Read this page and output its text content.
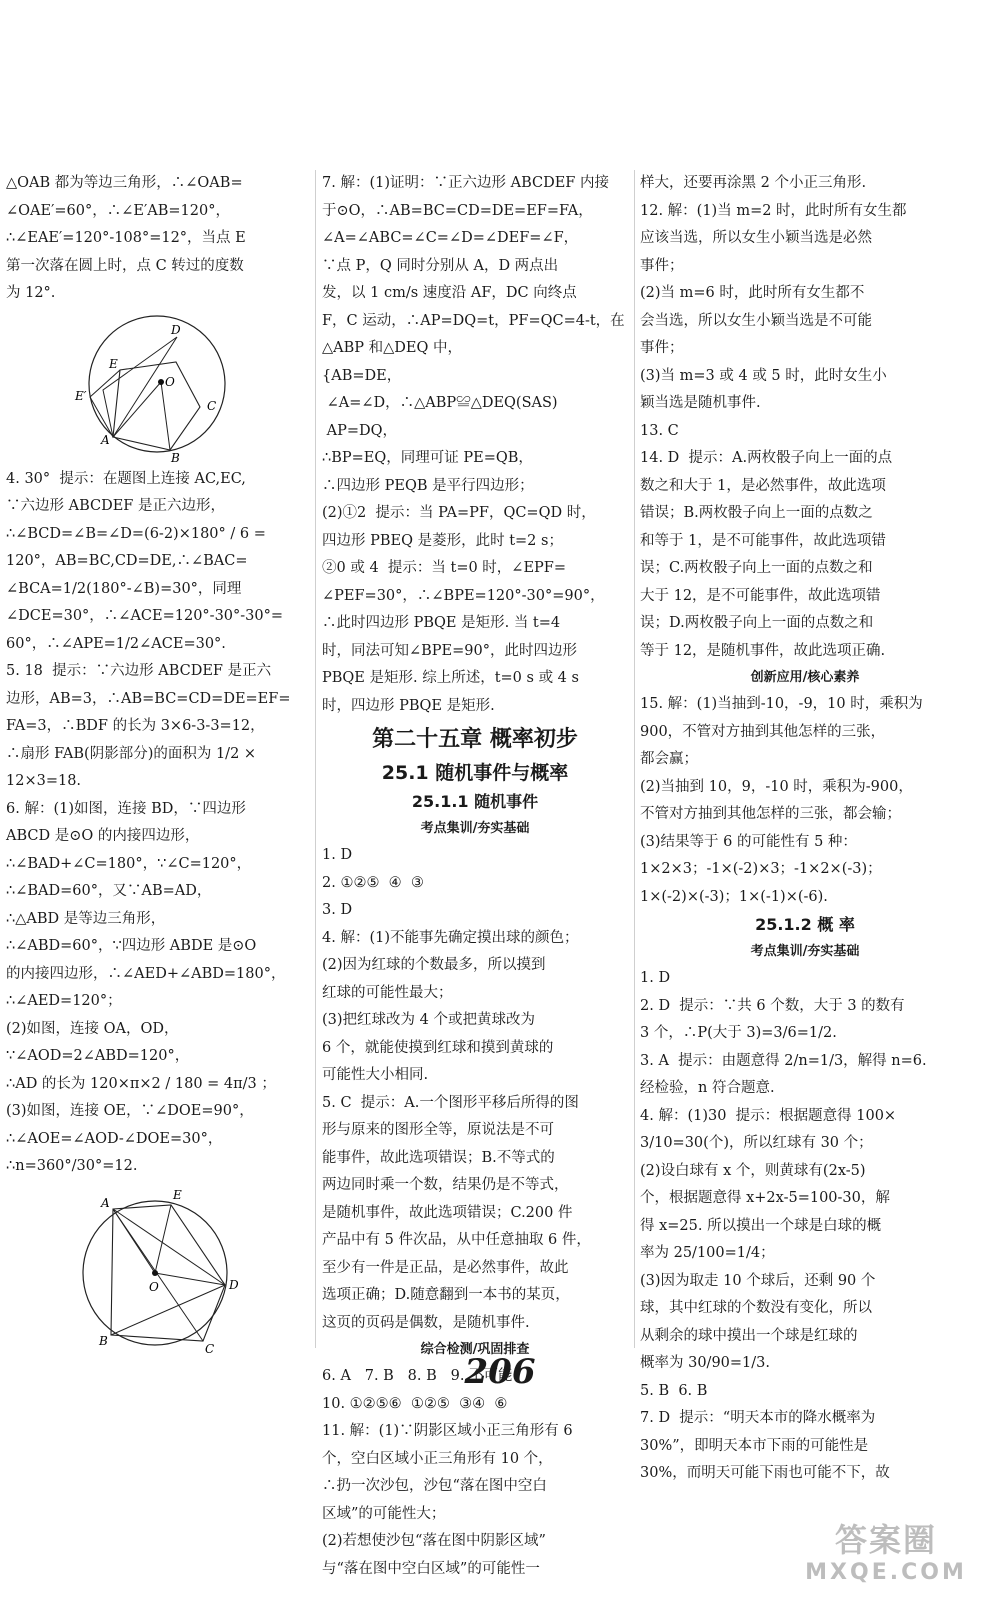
△OAB 都为等边三角形，∴∠OAB=
∠OAE′=60°，∴∠E′AB=120°，
∴∠EAE′=120°-108°=12°，当点 E
第一次落在圆上时，点 C 转过的度数
为 12°.
D
E
E′
O
C
A
B
4. 30°  提示：在题图上连接 AC,EC,
∵六边形 ABCDEF 是正六边形，
∴∠BCD=∠B=∠D=(6-2)×180° / 6 =
120°，AB=BC,CD=DE,∴∠BAC=
∠BCA=1/2(180°-∠B)=30°，同理
∠DCE=30°，∴∠ACE=120°-30°-30°=
60°，∴∠APE=1/2∠ACE=30°.
5. 18  提示：∵六边形 ABCDEF 是正六
边形，AB=3，∴AB=BC=CD=DE=EF=
FA=3，∴BDF 的长为 3×6-3-3=12，
∴扇形 FAB(阴影部分)的面积为 1/2 ×
12×3=18.
6. 解：(1)如图，连接 BD，∵四边形
ABCD 是⊙O 的内接四边形，
∴∠BAD+∠C=180°，∵∠C=120°，
∴∠BAD=60°，又∵AB=AD，
∴△ABD 是等边三角形，
∴∠ABD=60°，∵四边形 ABDE 是⊙O
的内接四边形，∴∠AED+∠ABD=180°，
∴∠AED=120°；
(2)如图，连接 OA，OD，
∵∠AOD=2∠ABD=120°，
∴AD 的长为 120×π×2 / 180 = 4π/3 ；
(3)如图，连接 OE，∵∠DOE=90°，
∴∠AOE=∠AOD-∠DOE=30°，
∴n=360°/30°=12.
A
E
D
O
B
C
7. 解：(1)证明：∵正六边形 ABCDEF 内接
于⊙O，∴AB=BC=CD=DE=EF=FA，
∠A=∠ABC=∠C=∠D=∠DEF=∠F，
∵点 P，Q 同时分别从 A，D 两点出
发，以 1 cm/s 速度沿 AF，DC 向终点
F，C 运动，∴AP=DQ=t，PF=QC=4-t，在
△ABP 和△DEQ 中，
{AB=DE，
∠A=∠D，∴△ABP≌△DEQ(SAS)
AP=DQ，
∴BP=EQ，同理可证 PE=QB，
∴四边形 PEQB 是平行四边形；
(2)①2  提示：当 PA=PF，QC=QD 时，
四边形 PBEQ 是菱形，此时 t=2 s；
②0 或 4  提示：当 t=0 时，∠EPF=
∠PEF=30°，∴∠BPE=120°-30°=90°，
∴此时四边形 PBQE 是矩形. 当 t=4
时，同法可知∠BPE=90°，此时四边形
PBQE 是矩形. 综上所述，t=0 s 或 4 s
时，四边形 PBQE 是矩形.
第二十五章 概率初步
25.1 随机事件与概率
25.1.1 随机事件
考点集训/夯实基础
1. D
2. ①②⑤  ④  ③
3. D
4. 解：(1)不能事先确定摸出球的颜色；
(2)因为红球的个数最多，所以摸到
红球的可能性最大；
(3)把红球改为 4 个或把黄球改为
6 个，就能使摸到红球和摸到黄球的
可能性大小相同.
5. C  提示：A.一个图形平移后所得的图
形与原来的图形全等，原说法是不可
能事件，故此选项错误；B.不等式的
两边同时乘一个数，结果仍是不等式，
是随机事件，故此选项错误；C.200 件
产品中有 5 件次品，从中任意抽取 6 件，
至少有一件是正品，是必然事件，故此
选项正确；D.随意翻到一本书的某页，
这页的页码是偶数，是随机事件.
综合检测/巩固排查
6. A   7. B   8. B   9. 不可能
10. ①②⑤⑥  ①②⑤  ③④  ⑥
11. 解：(1)∵阴影区域小正三角形有 6
个，空白区域小正三角形有 10 个，
∴扔一次沙包，沙包“落在图中空白
区域”的可能性大；
(2)若想使沙包“落在图中阴影区域”
与“落在图中空白区域”的可能性一
样大，还要再涂黑 2 个小正三角形.
12. 解：(1)当 m=2 时，此时所有女生都
应该当选，所以女生小颖当选是必然
事件；
(2)当 m=6 时，此时所有女生都不
会当选，所以女生小颖当选是不可能
事件；
(3)当 m=3 或 4 或 5 时，此时女生小
颖当选是随机事件.
13. C
14. D  提示：A.两枚骰子向上一面的点
数之和大于 1，是必然事件，故此选项
错误；B.两枚骰子向上一面的点数之
和等于 1，是不可能事件，故此选项错
误；C.两枚骰子向上一面的点数之和
大于 12，是不可能事件，故此选项错
误；D.两枚骰子向上一面的点数之和
等于 12，是随机事件，故此选项正确.
创新应用/核心素养
15. 解：(1)当抽到-10，-9，10 时，乘积为
900，不管对方抽到其他怎样的三张，
都会赢；
(2)当抽到 10，9，-10 时，乘积为-900，
不管对方抽到其他怎样的三张，都会输；
(3)结果等于 6 的可能性有 5 种：
1×2×3；-1×(-2)×3；-1×2×(-3)；
1×(-2)×(-3)；1×(-1)×(-6).
25.1.2 概 率
考点集训/夯实基础
1. D
2. D  提示：∵共 6 个数，大于 3 的数有
3 个，∴P(大于 3)=3/6=1/2.
3. A  提示：由题意得 2/n=1/3，解得 n=6.
经检验，n 符合题意.
4. 解：(1)30  提示：根据题意得 100×
3/10=30(个)，所以红球有 30 个；
(2)设白球有 x 个，则黄球有(2x-5)
个，根据题意得 x+2x-5=100-30，解
得 x=25. 所以摸出一个球是白球的概
率为 25/100=1/4；
(3)因为取走 10 个球后，还剩 90 个
球，其中红球的个数没有变化，所以
从剩余的球中摸出一个球是红球的
概率为 30/90=1/3.
5. B  6. B
7. D  提示：“明天本市的降水概率为
30%”，即明天本市下雨的可能性是
30%，而明天可能下雨也可能不下，故
206
答案圈
MXQE.COM
